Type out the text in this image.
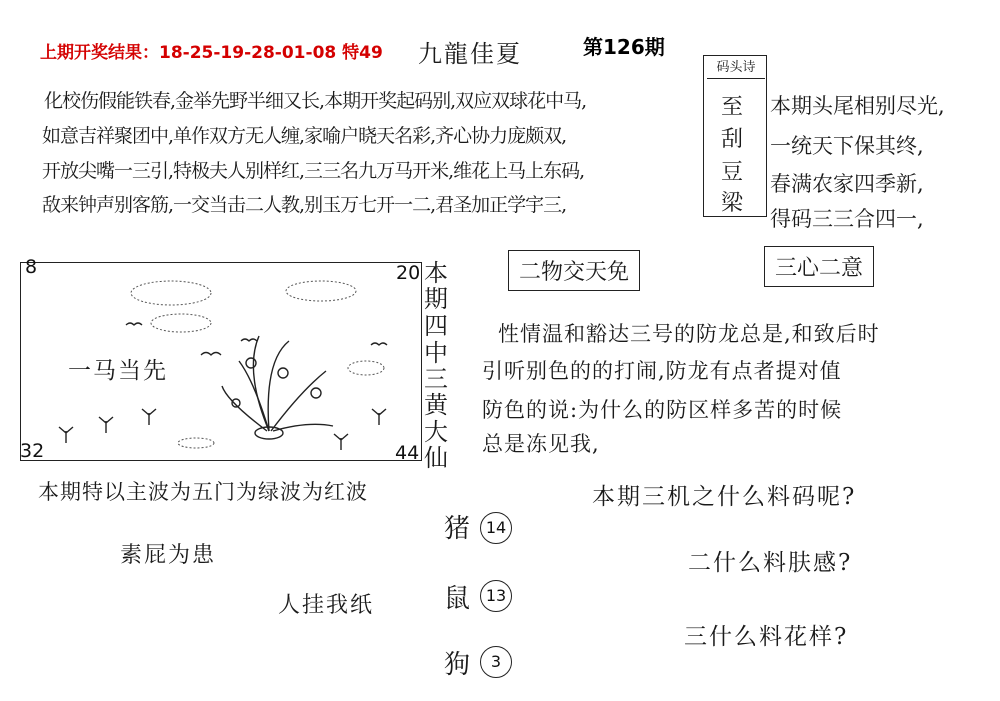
上期开奖结果：18-25-19-28-01-08 特49 九龍佳夏	第126期
化校伤假能铁春,金举先野半细又长,本期开奖起码别,双应双球花中马,
如意吉祥聚团中,单作双方无人缠,家喻户晓天名彩,齐心协力庞颇双,
开放尖嘴一三引,特极夫人别样红,三三名九万马开米,维花上马上东码,
敌来钟声别客筋,一交当击二人教,别玉万七开一二,君圣加正学宇三,
码头诗
至
刮
豆
梁
本期头尾相别尽光,
一统天下保其终,
春满农家四季新,
得码三三合四一,
8	20
32	44
一马当先
本
期
四
中
三
黄
大
仙
二物交天免	三心二意
性情温和豁达三号的防龙总是,和致后时
引听别色的的打闹,防龙有点者提对值
防色的说:为什么的防区样多苦的时候
总是冻见我,
本期特以主波为五门为绿波为红波
素屁为患
人挂我纸
猪 14
鼠 13
狗	3
本期三机之什么料码呢?
二什么料肤感?
三什么料花样?
